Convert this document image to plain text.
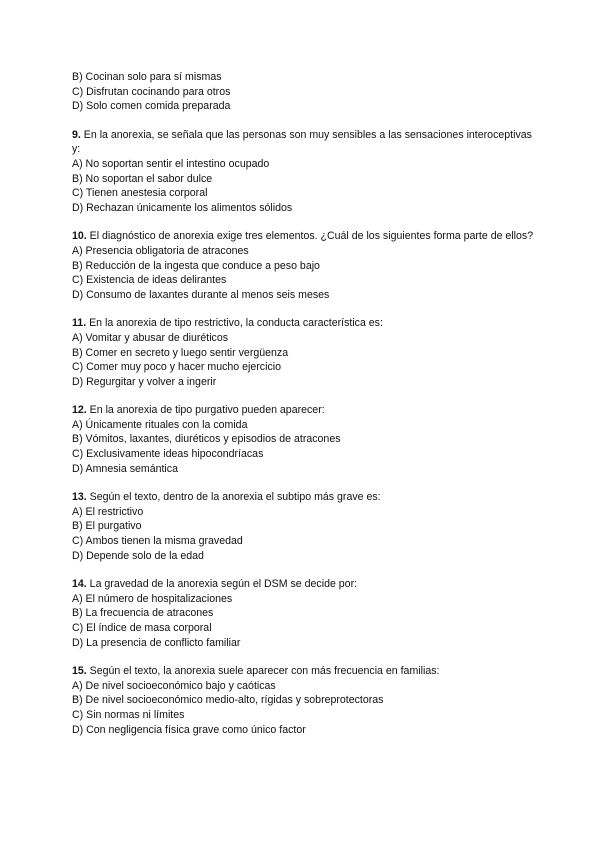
B) Cocinan solo para sí mismas
C) Disfrutan cocinando para otros
D) Solo comen comida preparada
9. En la anorexia, se señala que las personas son muy sensibles a las sensaciones interoceptivas y:
A) No soportan sentir el intestino ocupado
B) No soportan el sabor dulce
C) Tienen anestesia corporal
D) Rechazan únicamente los alimentos sólidos
10. El diagnóstico de anorexia exige tres elementos. ¿Cuál de los siguientes forma parte de ellos?
A) Presencia obligatoria de atracones
B) Reducción de la ingesta que conduce a peso bajo
C) Existencia de ideas delirantes
D) Consumo de laxantes durante al menos seis meses
11. En la anorexia de tipo restrictivo, la conducta característica es:
A) Vomitar y abusar de diuréticos
B) Comer en secreto y luego sentir vergüenza
C) Comer muy poco y hacer mucho ejercicio
D) Regurgitar y volver a ingerir
12. En la anorexia de tipo purgativo pueden aparecer:
A) Únicamente rituales con la comida
B) Vómitos, laxantes, diuréticos y episodios de atracones
C) Exclusivamente ideas hipocondríacas
D) Amnesia semántica
13. Según el texto, dentro de la anorexia el subtipo más grave es:
A) El restrictivo
B) El purgativo
C) Ambos tienen la misma gravedad
D) Depende solo de la edad
14. La gravedad de la anorexia según el DSM se decide por:
A) El número de hospitalizaciones
B) La frecuencia de atracones
C) El índice de masa corporal
D) La presencia de conflicto familiar
15. Según el texto, la anorexia suele aparecer con más frecuencia en familias:
A) De nivel socioeconómico bajo y caóticas
B) De nivel socioeconómico medio-alto, rígidas y sobreprotectoras
C) Sin normas ni límites
D) Con negligencia física grave como único factor
